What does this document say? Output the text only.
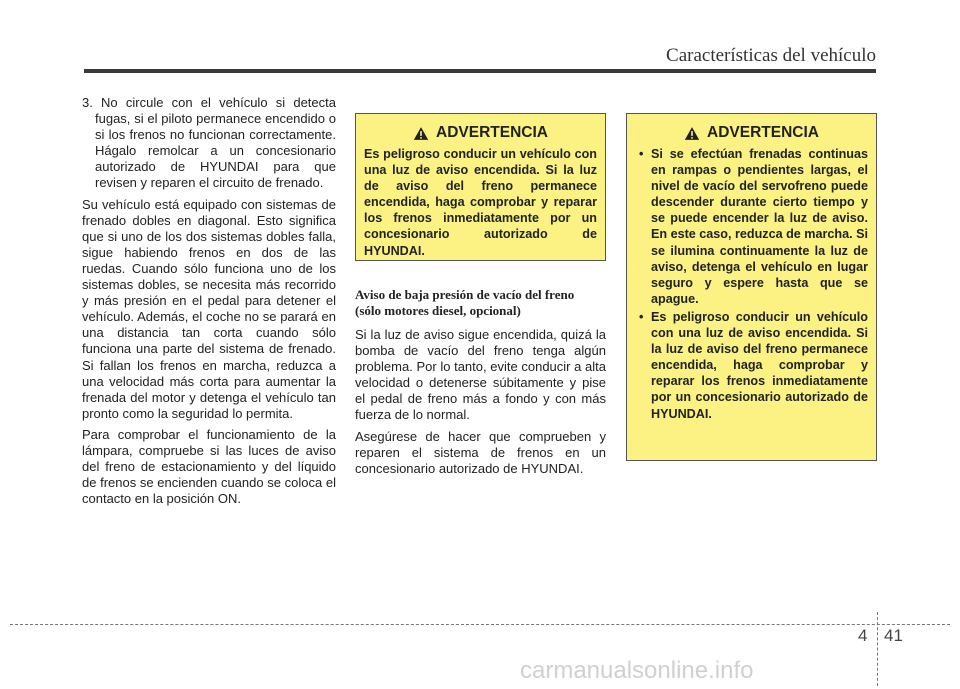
Características del vehículo

3. No circule con el vehículo si detecta fugas, si el piloto permanece encendido o si los frenos no funcionan correctamente. Hágalo remolcar a un concesionario autorizado de HYUNDAI para que revisen y reparen el circuito de frenado.

Su vehículo está equipado con sistemas de frenado dobles en diagonal. Esto significa que si uno de los dos sistemas dobles falla, sigue habiendo frenos en dos de las ruedas. Cuando sólo funciona uno de los sistemas dobles, se necesita más recorrido y más presión en el pedal para detener el vehículo. Además, el coche no se parará en una distancia tan corta cuando sólo funciona una parte del sistema de frenado. Si fallan los frenos en marcha, reduzca a una velocidad más corta para aumentar la frenada del motor y detenga el vehículo tan pronto como la seguridad lo permita.

Para comprobar el funcionamiento de la lámpara, compruebe si las luces de aviso del freno de estacionamiento y del líquido de frenos se encienden cuando se coloca el contacto en la posición ON.

ADVERTENCIA

Es peligroso conducir un vehículo con una luz de aviso encendida. Si la luz de aviso del freno permanece encendida, haga comprobar y reparar los frenos inmediatamente por un concesionario autorizado de HYUNDAI.

Aviso de baja presión de vacío del freno
(sólo motores diesel, opcional)

Si la luz de aviso sigue encendida, quizá la bomba de vacío del freno tenga algún problema. Por lo tanto, evite conducir a alta velocidad o detenerse súbitamente y pise el pedal de freno más a fondo y con más fuerza de lo normal.

Asegúrese de hacer que comprueben y reparen el sistema de frenos en un concesionario autorizado de HYUNDAI.

ADVERTENCIA
• Si se efectúan frenadas continuas en rampas o pendientes largas, el nivel de vacío del servofreno puede descender durante cierto tiempo y se puede encender la luz de aviso. En este caso, reduzca de marcha. Si se ilumina continuamente la luz de aviso, detenga el vehículo en lugar seguro y espere hasta que se apague.
• Es peligroso conducir un vehículo con una luz de aviso encendida. Si la luz de aviso del freno permanece encendida, haga comprobar y reparar los frenos inmediatamente por un concesionario autorizado de HYUNDAI.
4 41
carmanualsonline.info
